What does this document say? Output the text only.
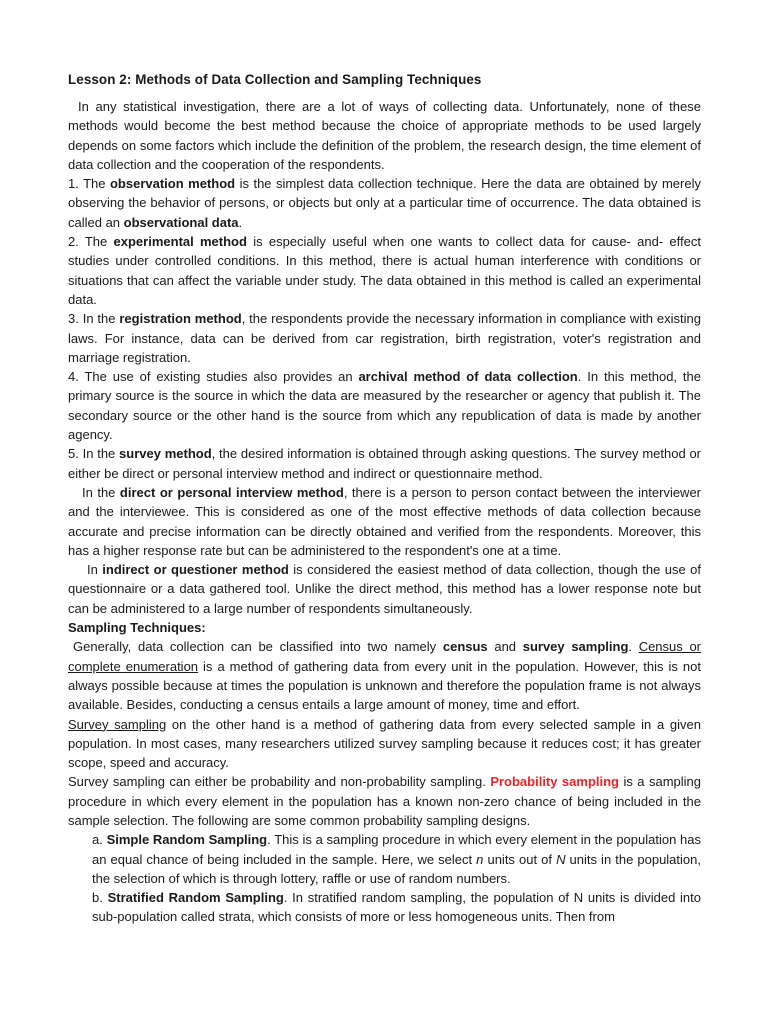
Lesson 2: Methods of Data Collection and Sampling Techniques

In any statistical investigation, there are a lot of ways of collecting data. Unfortunately, none of these methods would become the best method because the choice of appropriate methods to be used largely depends on some factors which include the definition of the problem, the research design, the time element of data collection and the cooperation of the respondents.

1. The observation method is the simplest data collection technique. Here the data are obtained by merely observing the behavior of persons, or objects but only at a particular time of occurrence. The data obtained is called an observational data.

2. The experimental method is especially useful when one wants to collect data for cause- and- effect studies under controlled conditions. In this method, there is actual human interference with conditions or situations that can affect the variable under study. The data obtained in this method is called an experimental data.

3. In the registration method, the respondents provide the necessary information in compliance with existing laws. For instance, data can be derived from car registration, birth registration, voter's registration and marriage registration.

4. The use of existing studies also provides an archival method of data collection. In this method, the primary source is the source in which the data are measured by the researcher or agency that publish it. The secondary source or the other hand is the source from which any republication of data is made by another agency.

5. In the survey method, the desired information is obtained through asking questions. The survey method or either be direct or personal interview method and indirect or questionnaire method.

In the direct or personal interview method, there is a person to person contact between the interviewer and the interviewee. This is considered as one of the most effective methods of data collection because accurate and precise information can be directly obtained and verified from the respondents. Moreover, this has a higher response rate but can be administered to the respondent's one at a time.

In indirect or questioner method is considered the easiest method of data collection, though the use of questionnaire or a data gathered tool. Unlike the direct method, this method has a lower response note but can be administered to a large number of respondents simultaneously.

Sampling Techniques:

Generally, data collection can be classified into two namely census and survey sampling. Census or complete enumeration is a method of gathering data from every unit in the population. However, this is not always possible because at times the population is unknown and therefore the population frame is not always available. Besides, conducting a census entails a large amount of money, time and effort.

Survey sampling on the other hand is a method of gathering data from every selected sample in a given population. In most cases, many researchers utilized survey sampling because it reduces cost; it has greater scope, speed and accuracy.

Survey sampling can either be probability and non-probability sampling. Probability sampling is a sampling procedure in which every element in the population has a known non-zero chance of being included in the sample selection. The following are some common probability sampling designs.

a. Simple Random Sampling. This is a sampling procedure in which every element in the population has an equal chance of being included in the sample. Here, we select n units out of N units in the population, the selection of which is through lottery, raffle or use of random numbers.

b. Stratified Random Sampling. In stratified random sampling, the population of N units is divided into sub-population called strata, which consists of more or less homogeneous units. Then from
